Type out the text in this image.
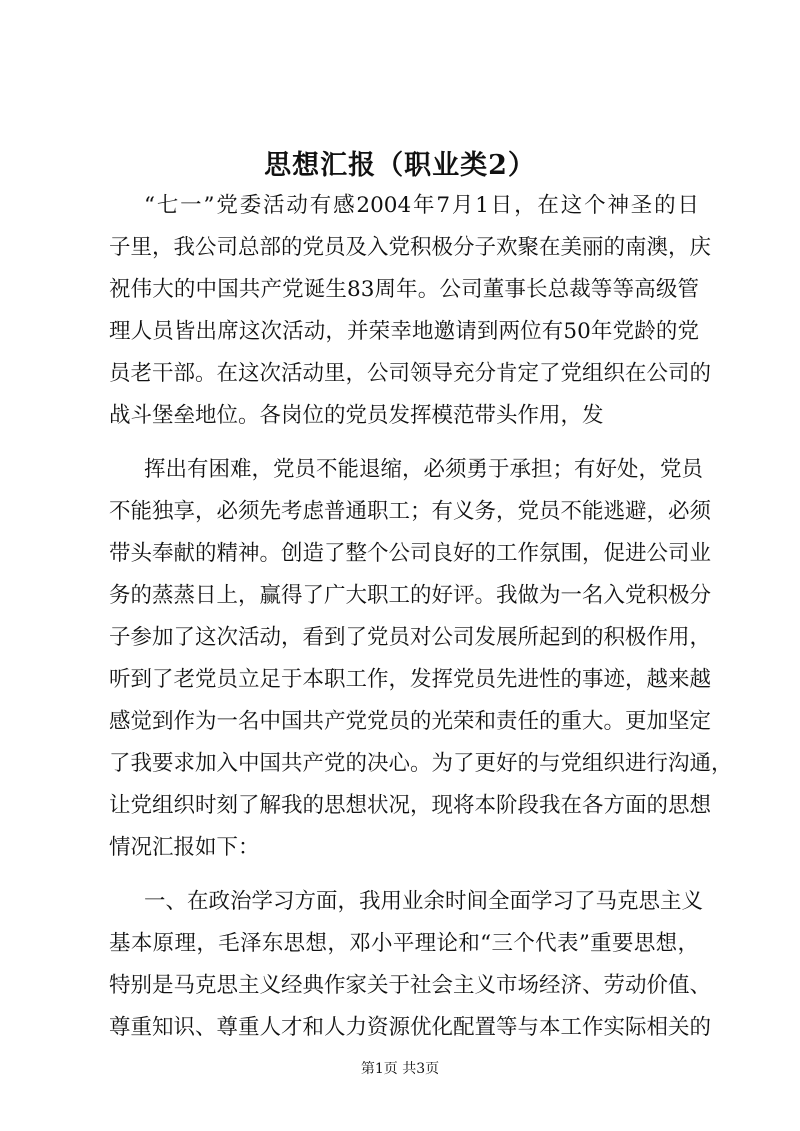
思想汇报（职业类2）
“七一”党委活动有感2004年7月1日，在这个神圣的日
子里，我公司总部的党员及入党积极分子欢聚在美丽的南澳，庆
祝伟大的中国共产党诞生83周年。公司董事长总裁等等高级管
理人员皆出席这次活动，并荣幸地邀请到两位有50年党龄的党
员老干部。在这次活动里，公司领导充分肯定了党组织在公司的
战斗堡垒地位。各岗位的党员发挥模范带头作用，发
挥出有困难，党员不能退缩，必须勇于承担；有好处，党员
不能独享，必须先考虑普通职工；有义务，党员不能逃避，必须
带头奉献的精神。创造了整个公司良好的工作氛围，促进公司业
务的蒸蒸日上，赢得了广大职工的好评。我做为一名入党积极分
子参加了这次活动，看到了党员对公司发展所起到的积极作用，
听到了老党员立足于本职工作，发挥党员先进性的事迹，越来越
感觉到作为一名中国共产党党员的光荣和责任的重大。更加坚定
了我要求加入中国共产党的决心。为了更好的与党组织进行沟通，
让党组织时刻了解我的思想状况，现将本阶段我在各方面的思想
情况汇报如下：
一、在政治学习方面，我用业余时间全面学习了马克思主义
基本原理，毛泽东思想，邓小平理论和“三个代表”重要思想，
特别是马克思主义经典作家关于社会主义市场经济、劳动价值、
尊重知识、尊重人才和人力资源优化配置等与本工作实际相关的
第1页 共3页
